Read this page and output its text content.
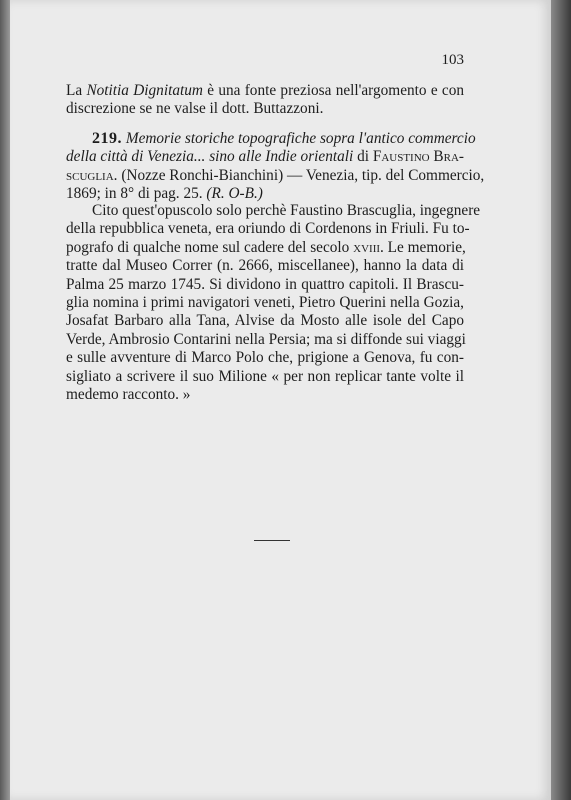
103
La Notitia Dignitatum è una fonte preziosa nell'argomento e con
discrezione se ne valse il dott. Buttazzoni.
219. Memorie storiche topografiche sopra l'antico commercio
della città di Venezia... sino alle Indie orientali di Faustino Bra-
scuglia. (Nozze Ronchi-Bianchini) — Venezia, tip. del Commercio,
1869; in 8° di pag. 25. (R. O-B.)
Cito quest'opuscolo solo perchè Faustino Brascuglia, ingegnere
della repubblica veneta, era oriundo di Cordenons in Friuli. Fu to-
pografo di qualche nome sul cadere del secolo xviii. Le memorie,
tratte dal Museo Correr (n. 2666, miscellanee), hanno la data di
Palma 25 marzo 1745. Si dividono in quattro capitoli. Il Brascu-
glia nomina i primi navigatori veneti, Pietro Querini nella Gozia,
Josafat Barbaro alla Tana, Alvise da Mosto alle isole del Capo
Verde, Ambrosio Contarini nella Persia; ma si diffonde sui viaggi
e sulle avventure di Marco Polo che, prigione a Genova, fu con-
sigliato a scrivere il suo Milione « per non replicar tante volte il
medemo racconto. »
